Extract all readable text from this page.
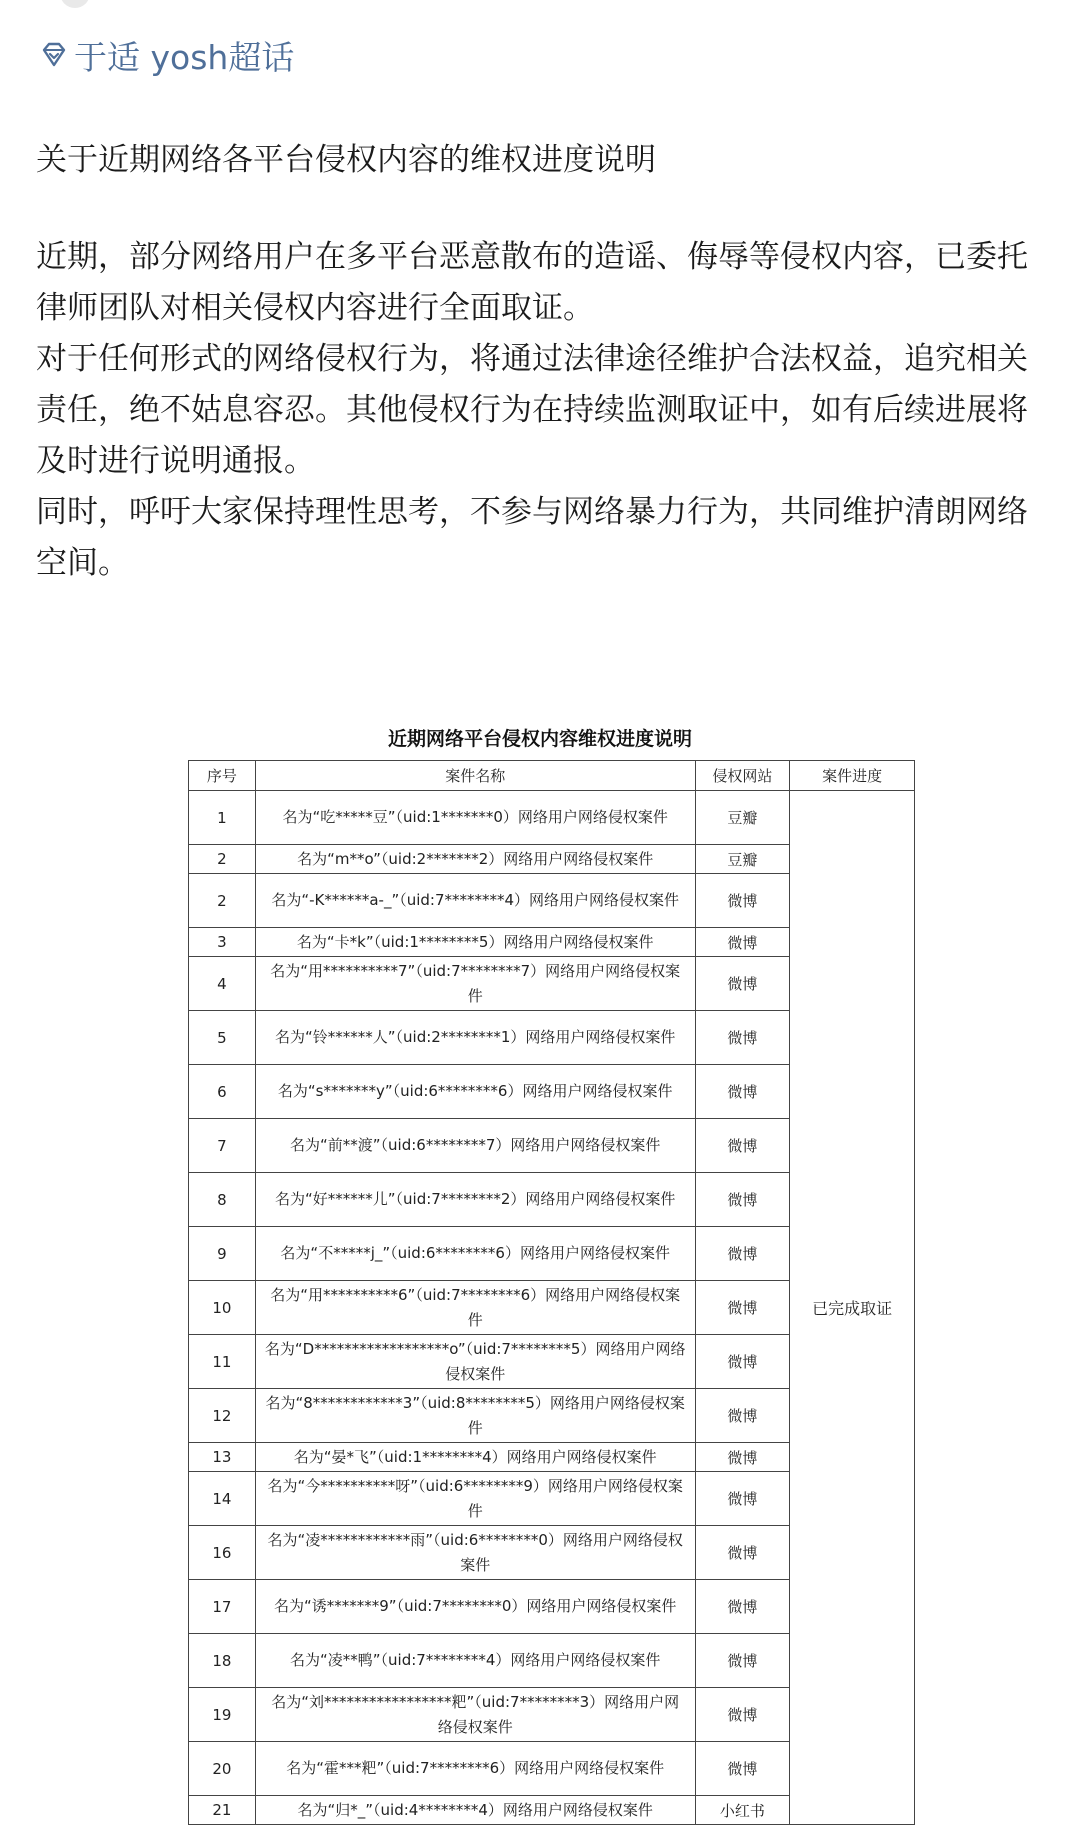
于适 yosh超话
关于近期网络各平台侵权内容的维权进度说明

近期，部分网络用户在多平台恶意散布的造谣、侮辱等侵权内容，已委托律师团队对相关侵权内容进行全面取证。

对于任何形式的网络侵权行为，将通过法律途径维护合法权益，追究相关责任，绝不姑息容忍。其他侵权行为在持续监测取证中，如有后续进展将及时进行说明通报。

同时，呼吁大家保持理性思考，不参与网络暴力行为，共同维护清朗网络空间。

近期网络平台侵权内容维权进度说明
序号	案件名称	侵权网站	案件进度
1	名为“吃*****豆”（uid:1*******0）网络用户网络侵权案件	豆瓣	已完成取证
2	名为“m**o”（uid:2*******2）网络用户网络侵权案件	豆瓣	
2	名为“-K******a-_”（uid:7********4）网络用户网络侵权案件	微博	
3	名为“卡*k”（uid:1********5）网络用户网络侵权案件	微博	
4	名为“用**********7”（uid:7********7）网络用户网络侵权案件	微博	
5	名为“铃******人”（uid:2********1）网络用户网络侵权案件	微博	
6	名为“s*******y”（uid:6********6）网络用户网络侵权案件	微博	
7	名为“前**渡”（uid:6********7）网络用户网络侵权案件	微博	
8	名为“好******儿”（uid:7********2）网络用户网络侵权案件	微博	
9	名为“不*****j_”（uid:6********6）网络用户网络侵权案件	微博	
10	名为“用**********6”（uid:7********6）网络用户网络侵权案件	微博	
11	名为“D******************o”（uid:7********5）网络用户网络侵权案件	微博	
12	名为“8************3”（uid:8********5）网络用户网络侵权案件	微博	
13	名为“晏*飞”（uid:1********4）网络用户网络侵权案件	微博	
14	名为“今**********呀”（uid:6********9）网络用户网络侵权案件	微博	
16	名为“凌************雨”（uid:6********0）网络用户网络侵权案件	微博	
17	名为“诱*******9”（uid:7********0）网络用户网络侵权案件	微博	
18	名为“凌**鸭”（uid:7********4）网络用户网络侵权案件	微博	
19	名为“刘*****************粑”（uid:7********3）网络用户网络侵权案件	微博	
20	名为“霍***粑”（uid:7********6）网络用户网络侵权案件	微博	
21	名为“归*_”（uid:4********4）网络用户网络侵权案件	小红书	
